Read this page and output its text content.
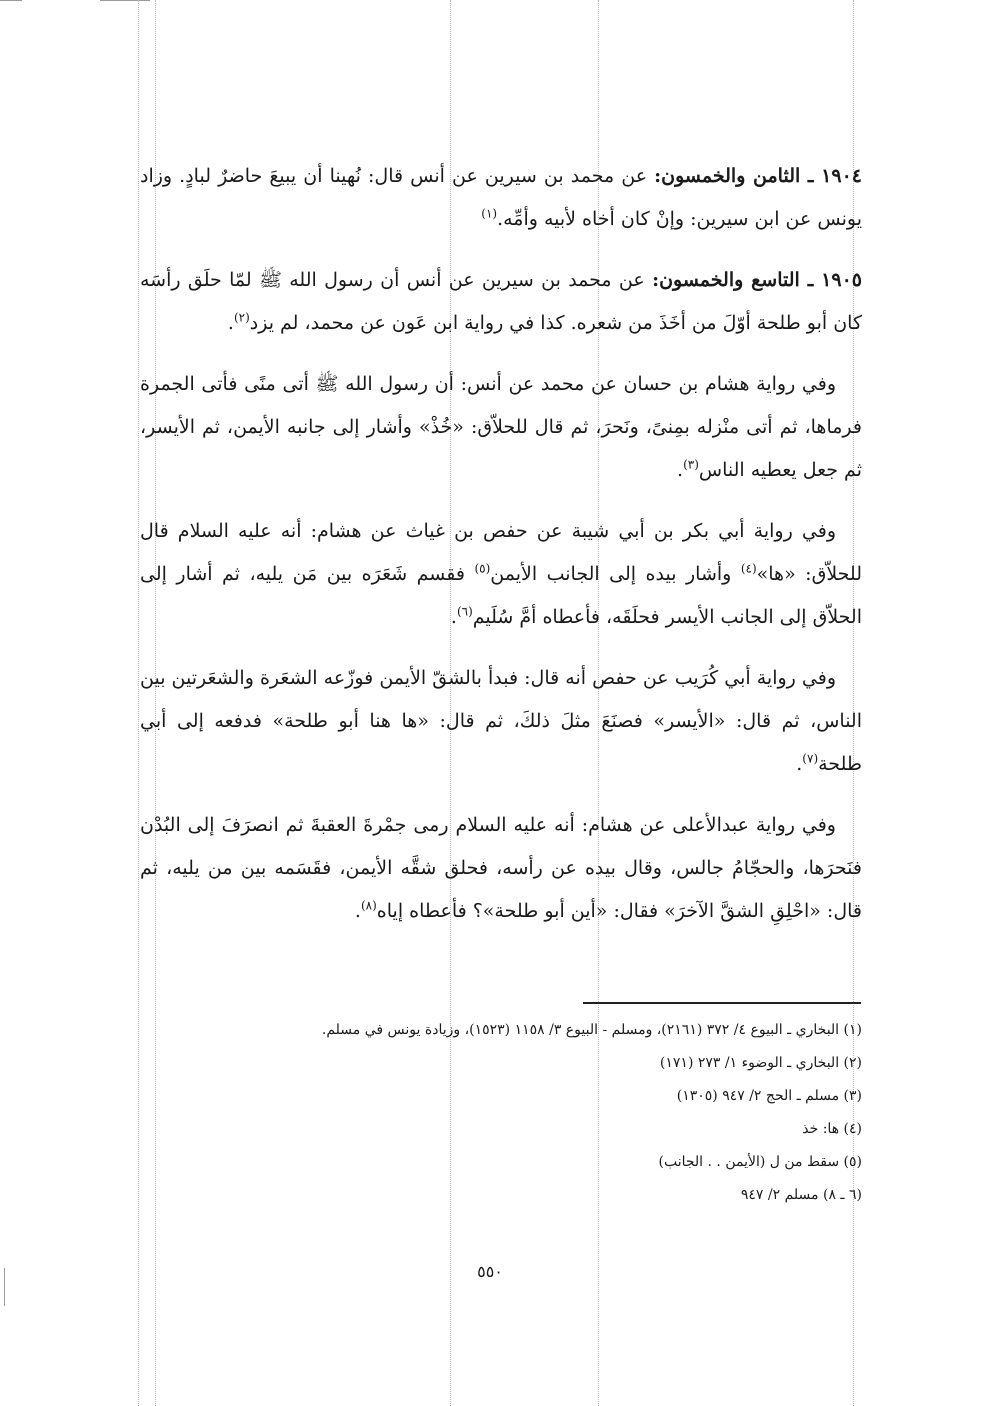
١٩٠٤ ـ الثامن والخمسون: عن محمد بن سيرين عن أنس قال: نُهينا أن يبيعَ حاضرٌ لبادٍ. وزاد يونس عن ابن سيرين: وإنْ كان أخاه لأبيه وأمِّه.$^{(١)}$

١٩٠٥ ـ التاسع والخمسون: عن محمد بن سيرين عن أنس أن رسول الله ﷺ لمّا حلَق رأسَه كان أبو طلحة أوّلَ من أخَذَ من شعره. كذا في رواية ابن عَون عن محمد، لم يزد$^{(٢)}$.

وفي رواية هشام بن حسان عن محمد عن أنس: أن رسول الله ﷺ أتى منًى فأتى الجمرة فرماها، ثم أتى منْزله بمِنىً، ونَحرَ، ثم قال للحلاّق: «خُذْ» وأشار إلى جانبه الأيمن، ثم الأيسر، ثم جعل يعطيه الناس$^{(٣)}$.

وفي رواية أبي بكر بن أبي شيبة عن حفص بن غياث عن هشام: أنه عليه السلام قال للحلاّق: «ها»$^{(٤)}$ وأشار بيده إلى الجانب الأيمن$^{(٥)}$ فقسم شَعَرَه بين مَن يليه، ثم أشار إلى الحلاّق إلى الجانب الأيسر فحلَقَه، فأعطاه أمَّ سُلَيم$^{(٦)}$.

وفي رواية أبي كُرَيب عن حفص أنه قال: فبدأ بالشقّ الأيمن فوزّعه الشعَرة والشعَرتين بين الناس، ثم قال: «الأيسر» فصنَعَ مثلَ ذلكَ، ثم قال: «ها هنا أبو طلحة» فدفعه إلى أبي طلحة$^{(٧)}$.

وفي رواية عبدالأعلى عن هشام: أنه عليه السلام رمى جمْرةَ العقبةَ ثم انصرَفَ إلى البُدْن فنَحرَها، والحجّامُ جالس، وقال بيده عن رأسه، فحلق شقَّه الأيمن، فقَسَمه بين من يليه، ثم قال: «احْلِقِ الشقَّ الآخرَ» فقال: «أين أبو طلحة»؟ فأعطاه إياه$^{(٨)}$.

(١) البخاري ـ البيوع ٤/ ٣٧٢ (٢١٦١)، ومسلم - البيوع ٣/ ١١٥٨ (١٥٢٣)، وزيادة يونس في مسلم.

(٢) البخاري ـ الوضوء ١/ ٢٧٣ (١٧١)

(٣) مسلم ـ الحج ٢/ ٩٤٧ (١٣٠٥)

(٤) ها: خذ

(٥) سقط من ل (الأيمن . . الجانب)

(٦ ـ ٨) مسلم ٢/ ٩٤٧

٥٥٠
